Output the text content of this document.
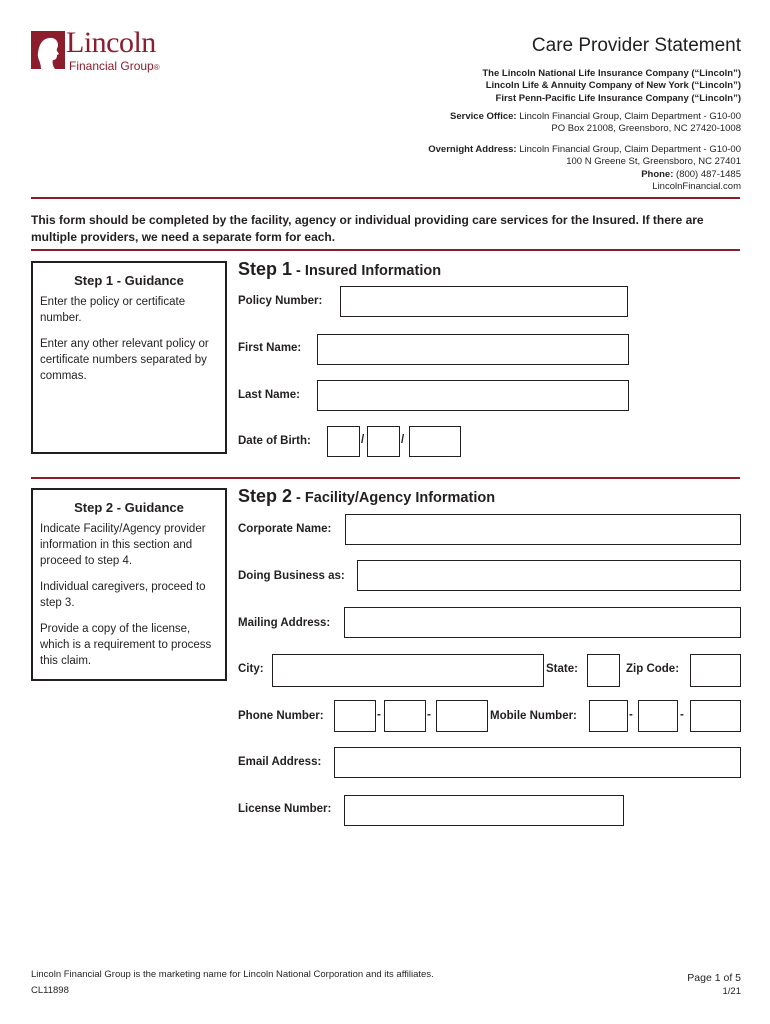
Lincoln
Financial Group®
Care Provider Statement
The Lincoln National Life Insurance Company (“Lincoln”)
Lincoln Life & Annuity Company of New York (“Lincoln”)
First Penn-Pacific Life Insurance Company (“Lincoln”)
Service Office: Lincoln Financial Group, Claim Department - G10-00
PO Box 21008, Greensboro, NC 27420-1008
Overnight Address: Lincoln Financial Group, Claim Department - G10-00
100 N Greene St, Greensboro, NC 27401
Phone: (800) 487-1485
LincolnFinancial.com
This form should be completed by the facility, agency or individual providing care services for the Insured. If there are multiple providers, we need a separate form for each.
Step 1 - Guidance

Enter the policy or certificate number.

Enter any other relevant policy or certificate numbers separated by commas.

Step 1 - Insured Information
Policy Number:
First Name:
Last Name:
Date of Birth:	/	/
Step 2 - Guidance

Indicate Facility/Agency provider information in this section and proceed to step 4.

Individual caregivers, proceed to step 3.

Provide a copy of the license, which is a requirement to process this claim.

Step 2 - Facility/Agency Information
Corporate Name:
Doing Business as:
Mailing Address:
City:	State:	Zip Code:
Phone Number:	-	-	Mobile Number:	-	-
Email Address:
License Number:
Lincoln Financial Group is the marketing name for Lincoln National Corporation and its affiliates.
CL11898
Page 1 of 5
1/21
